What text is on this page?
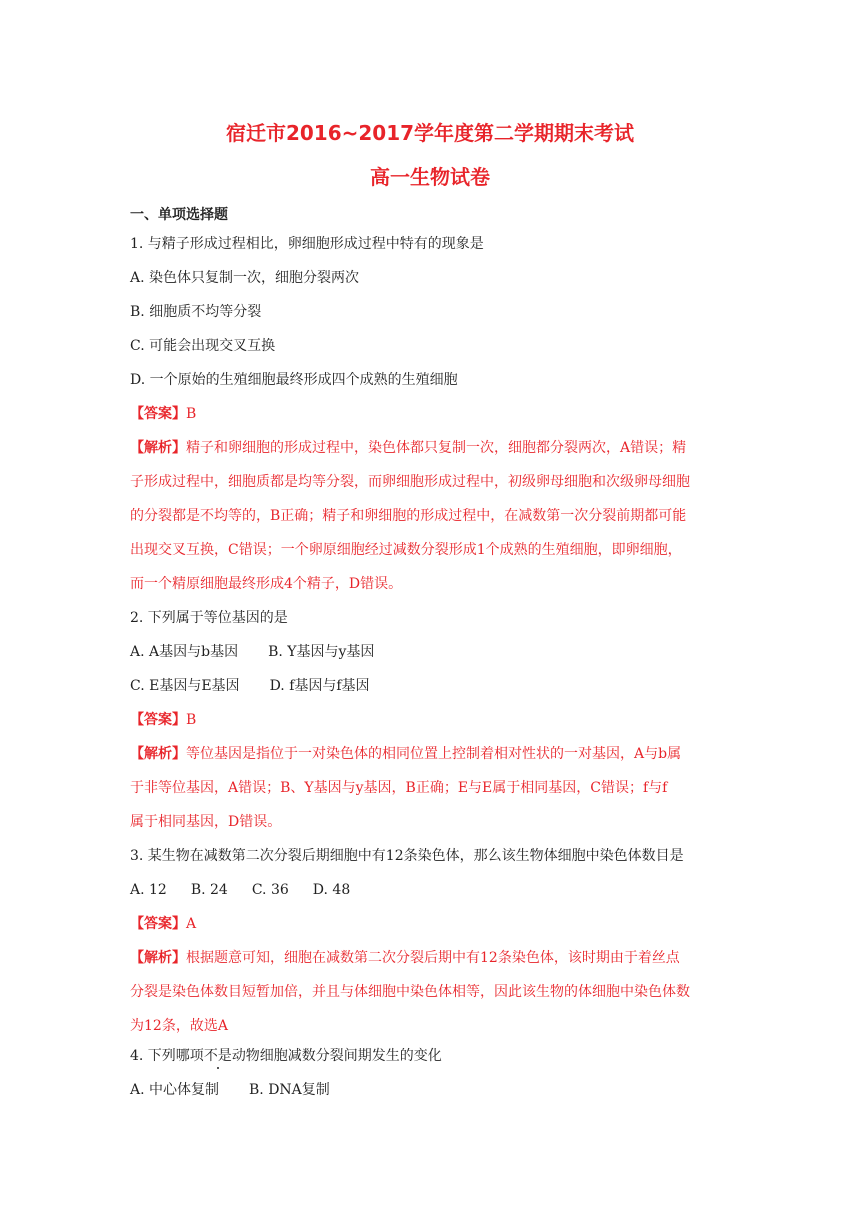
宿迁市2016~2017学年度第二学期期末考试
高一生物试卷
一、单项选择题
1. 与精子形成过程相比，卵细胞形成过程中特有的现象是
A. 染色体只复制一次，细胞分裂两次
B. 细胞质不均等分裂
C. 可能会出现交叉互换
D. 一个原始的生殖细胞最终形成四个成熟的生殖细胞
【答案】B
【解析】精子和卵细胞的形成过程中，染色体都只复制一次，细胞都分裂两次，A错误；精
子形成过程中，细胞质都是均等分裂，而卵细胞形成过程中，初级卵母细胞和次级卵母细胞
的分裂都是不均等的，B正确；精子和卵细胞的形成过程中，在减数第一次分裂前期都可能
出现交叉互换，C错误；一个卵原细胞经过减数分裂形成1个成熟的生殖细胞，即卵细胞，
而一个精原细胞最终形成4个精子，D错误。
2. 下列属于等位基因的是
A. A基因与b基因 B. Y基因与y基因
C. E基因与E基因 D. f基因与f基因
【答案】B
【解析】等位基因是指位于一对染色体的相同位置上控制着相对性状的一对基因，A与b属
于非等位基因，A错误；B、Y基因与y基因，B正确；E与E属于相同基因，C错误；f与f
属于相同基因，D错误。
3. 某生物在减数第二次分裂后期细胞中有12条染色体，那么该生物体细胞中染色体数目是
A. 12 B. 24 C. 36 D. 48
【答案】A
【解析】根据题意可知，细胞在减数第二次分裂后期中有12条染色体，该时期由于着丝点
分裂是染色体数目短暂加倍，并且与体细胞中染色体相等，因此该生物的体细胞中染色体数
为12条，故选A
4. 下列哪项不是动物细胞减数分裂间期发生的变化
A. 中心体复制 B. DNA复制
